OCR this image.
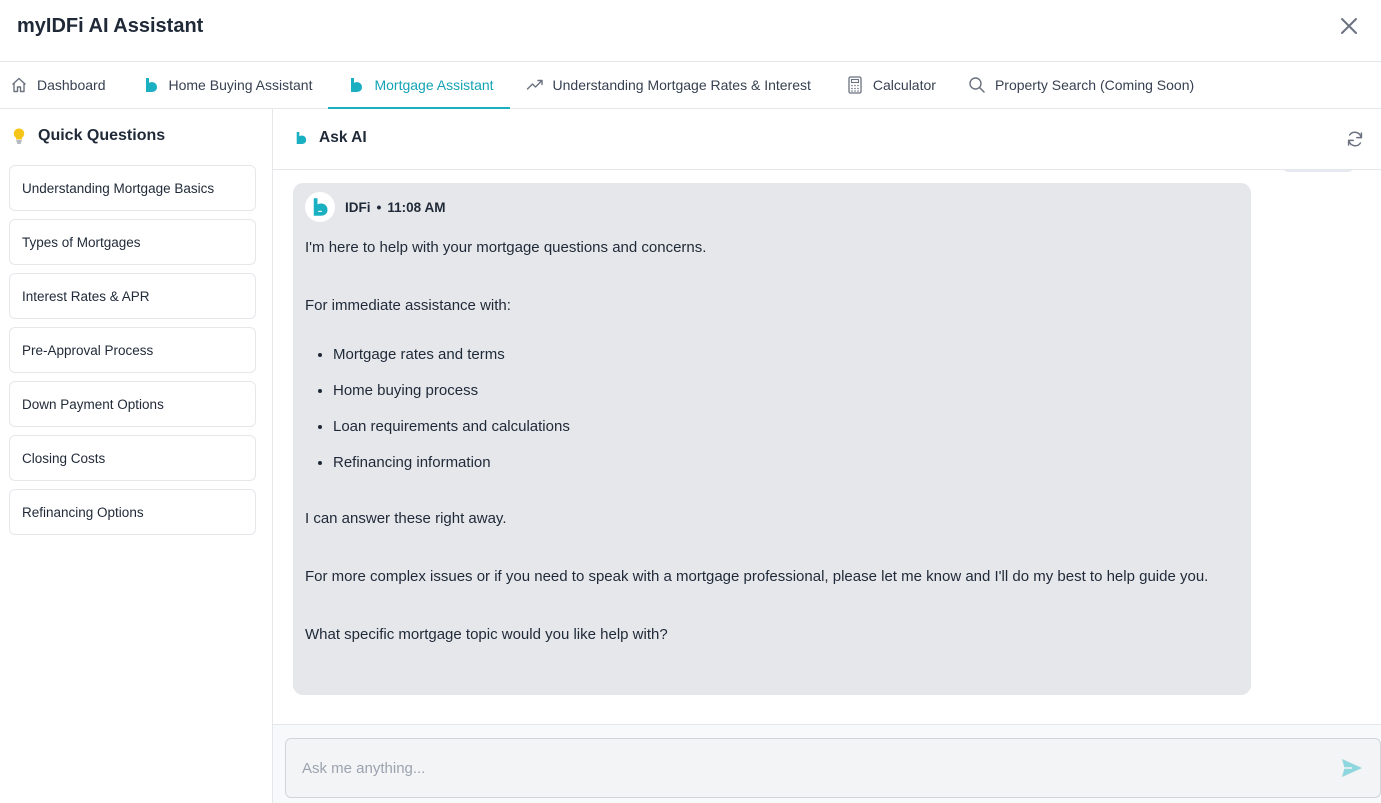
myIDFi AI Assistant
Dashboard	Home Buying Assistant	Mortgage Assistant	Understanding Mortgage Rates & Interest	Calculator	Property Search (Coming Soon)
Quick Questions
Understanding Mortgage Basics
Types of Mortgages
Interest Rates & APR
Pre-Approval Process
Down Payment Options
Closing Costs
Refinancing Options
Ask AI
IDFi • 11:08 AM

I'm here to help with your mortgage questions and concerns.

For immediate assistance with:

• Mortgage rates and terms
• Home buying process
• Loan requirements and calculations
• Refinancing information

I can answer these right away.

For more complex issues or if you need to speak with a mortgage professional, please let me know and I'll do my best to help guide you.

What specific mortgage topic would you like help with?

Ask me anything...
